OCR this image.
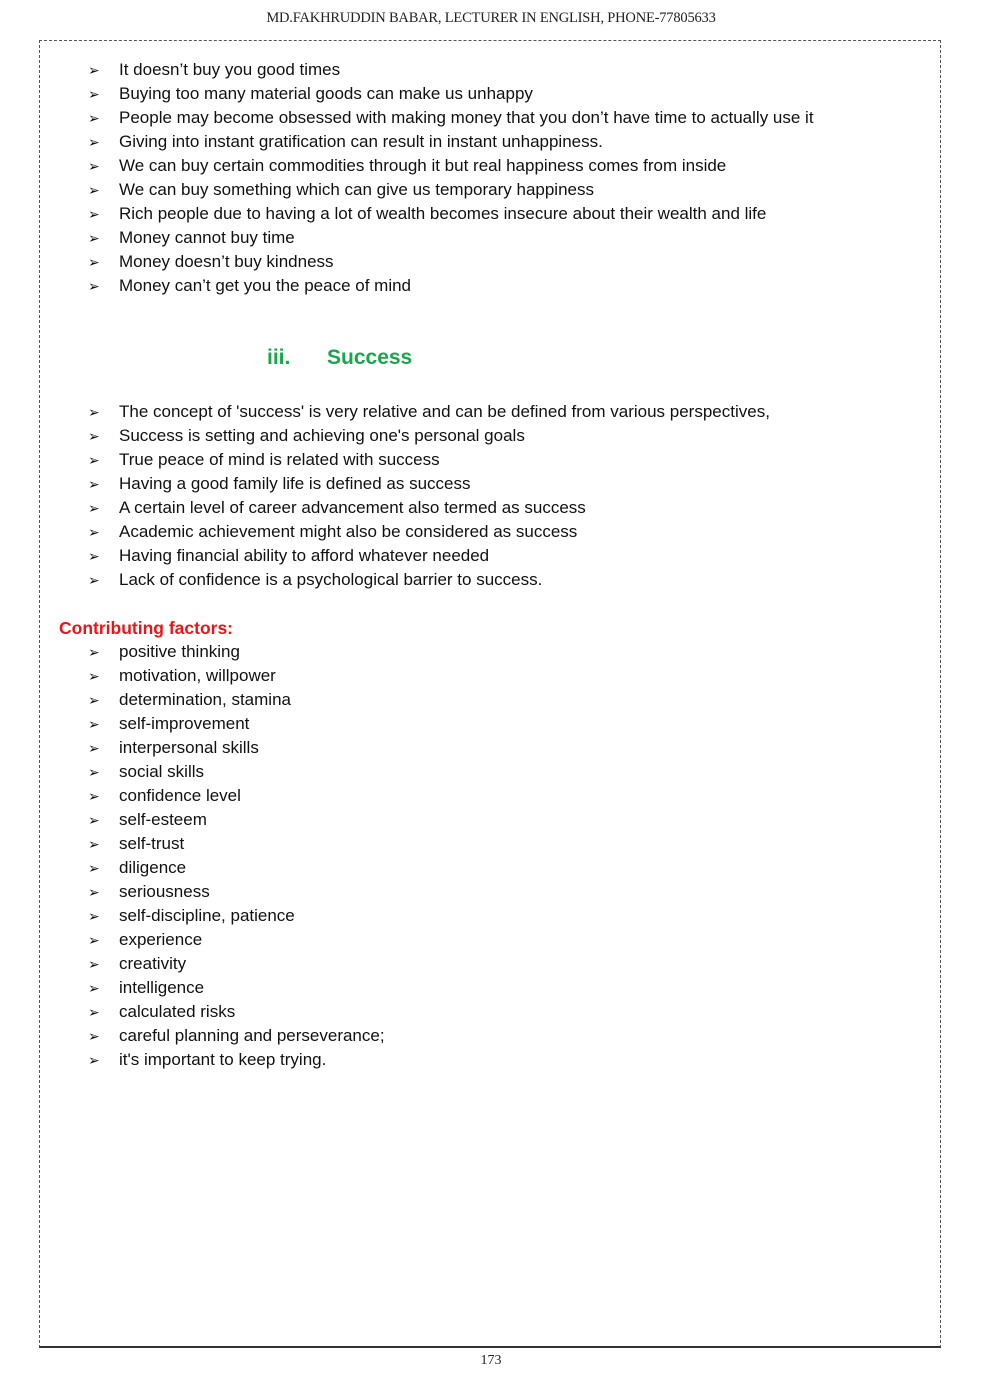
MD.FAKHRUDDIN BABAR, LECTURER IN ENGLISH, PHONE-77805633
➢	It doesn’t buy you good times
➢	Buying too many material goods can make us unhappy
➢	People may become obsessed with making money that you don’t have time to actually use it
➢	Giving into instant gratification can result in instant unhappiness.
➢	We can buy certain commodities through it but real happiness comes from inside
➢	We can buy something which can give us temporary happiness
➢	Rich people due to having a lot of wealth becomes insecure about their wealth and life
➢	Money cannot buy time
➢	Money doesn’t buy kindness
➢	Money can’t get you the peace of mind
iii. Success
➢	The concept of 'success' is very relative and can be defined from various perspectives,
➢	Success is setting and achieving one's personal goals
➢	True peace of mind is related with success
➢	Having a good family life is defined as success
➢	A certain level of career advancement also termed as success
➢	Academic achievement might also be considered as success
➢	Having financial ability to afford whatever needed
➢	Lack of confidence is a psychological barrier to success.
Contributing factors:
➢	positive thinking
➢	motivation, willpower
➢	determination, stamina
➢	self-improvement
➢	interpersonal skills
➢	social skills
➢	confidence level
➢	self-esteem
➢	self-trust
➢	diligence
➢	seriousness
➢	self-discipline, patience
➢	experience
➢	creativity
➢	intelligence
➢	calculated risks
➢	careful planning and perseverance;
➢	it's important to keep trying.
173
